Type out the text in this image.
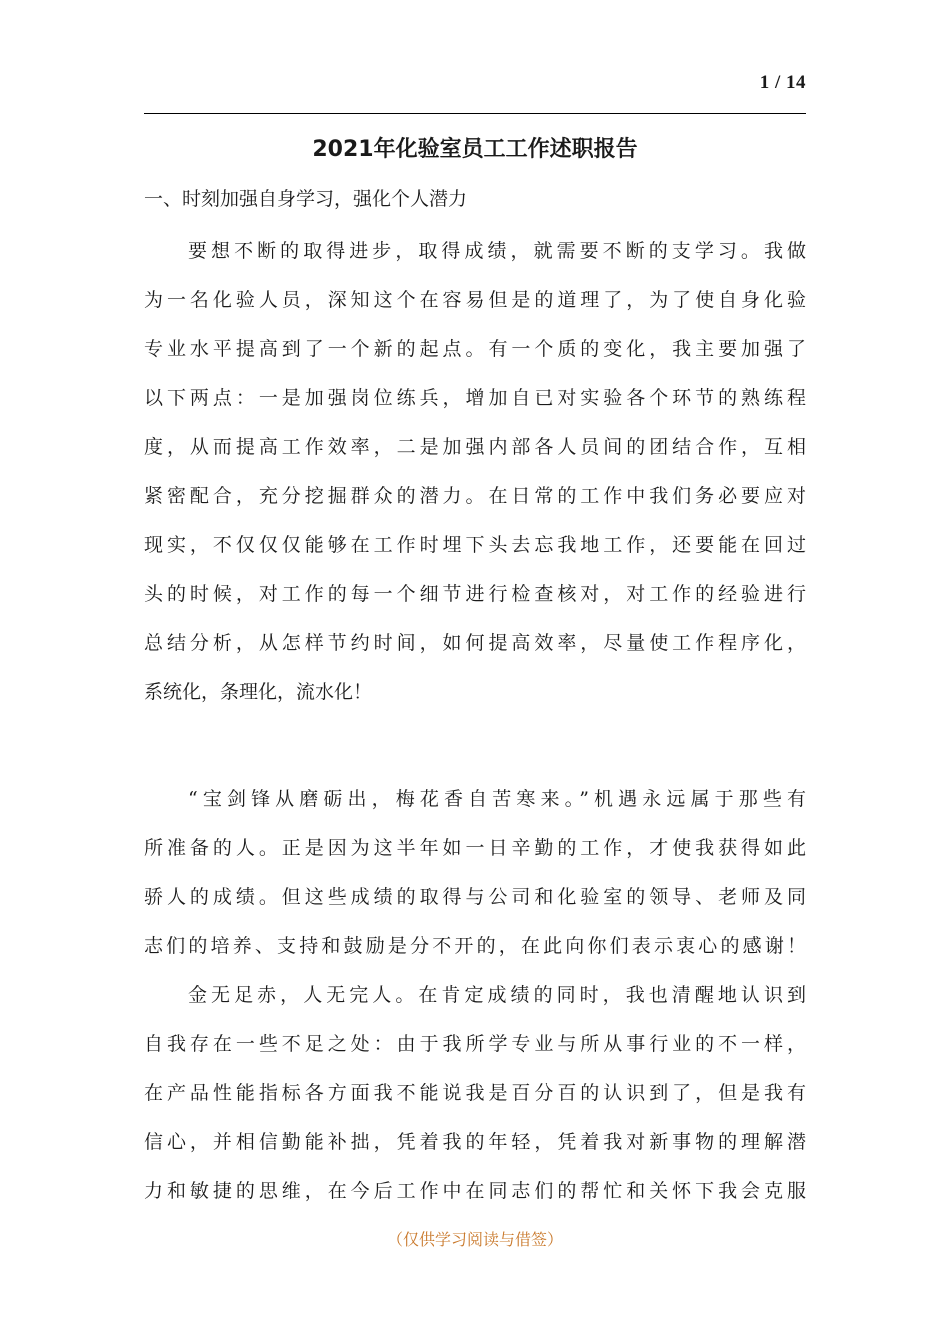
1 / 14
2021年化验室员工工作述职报告
一、时刻加强自身学习，强化个人潜力
要想不断的取得进步，取得成绩，就需要不断的支学习。我做
为一名化验人员，深知这个在容易但是的道理了，为了使自身化验
专业水平提高到了一个新的起点。有一个质的变化，我主要加强了
以下两点：一是加强岗位练兵，增加自已对实验各个环节的熟练程
度，从而提高工作效率，二是加强内部各人员间的团结合作，互相
紧密配合，充分挖掘群众的潜力。在日常的工作中我们务必要应对
现实，不仅仅仅能够在工作时埋下头去忘我地工作，还要能在回过
头的时候，对工作的每一个细节进行检查核对，对工作的经验进行
总结分析，从怎样节约时间，如何提高效率，尽量使工作程序化，
系统化，条理化，流水化！
“宝剑锋从磨砺出，梅花香自苦寒来。”机遇永远属于那些有
所准备的人。正是因为这半年如一日辛勤的工作，才使我获得如此
骄人的成绩。但这些成绩的取得与公司和化验室的领导、老师及同
志们的培养、支持和鼓励是分不开的，在此向你们表示衷心的感谢！
金无足赤，人无完人。在肯定成绩的同时，我也清醒地认识到
自我存在一些不足之处：由于我所学专业与所从事行业的不一样，
在产品性能指标各方面我不能说我是百分百的认识到了，但是我有
信心，并相信勤能补拙，凭着我的年轻，凭着我对新事物的理解潜
力和敏捷的思维，在今后工作中在同志们的帮忙和关怀下我会克服
（仅供学习阅读与借签）
